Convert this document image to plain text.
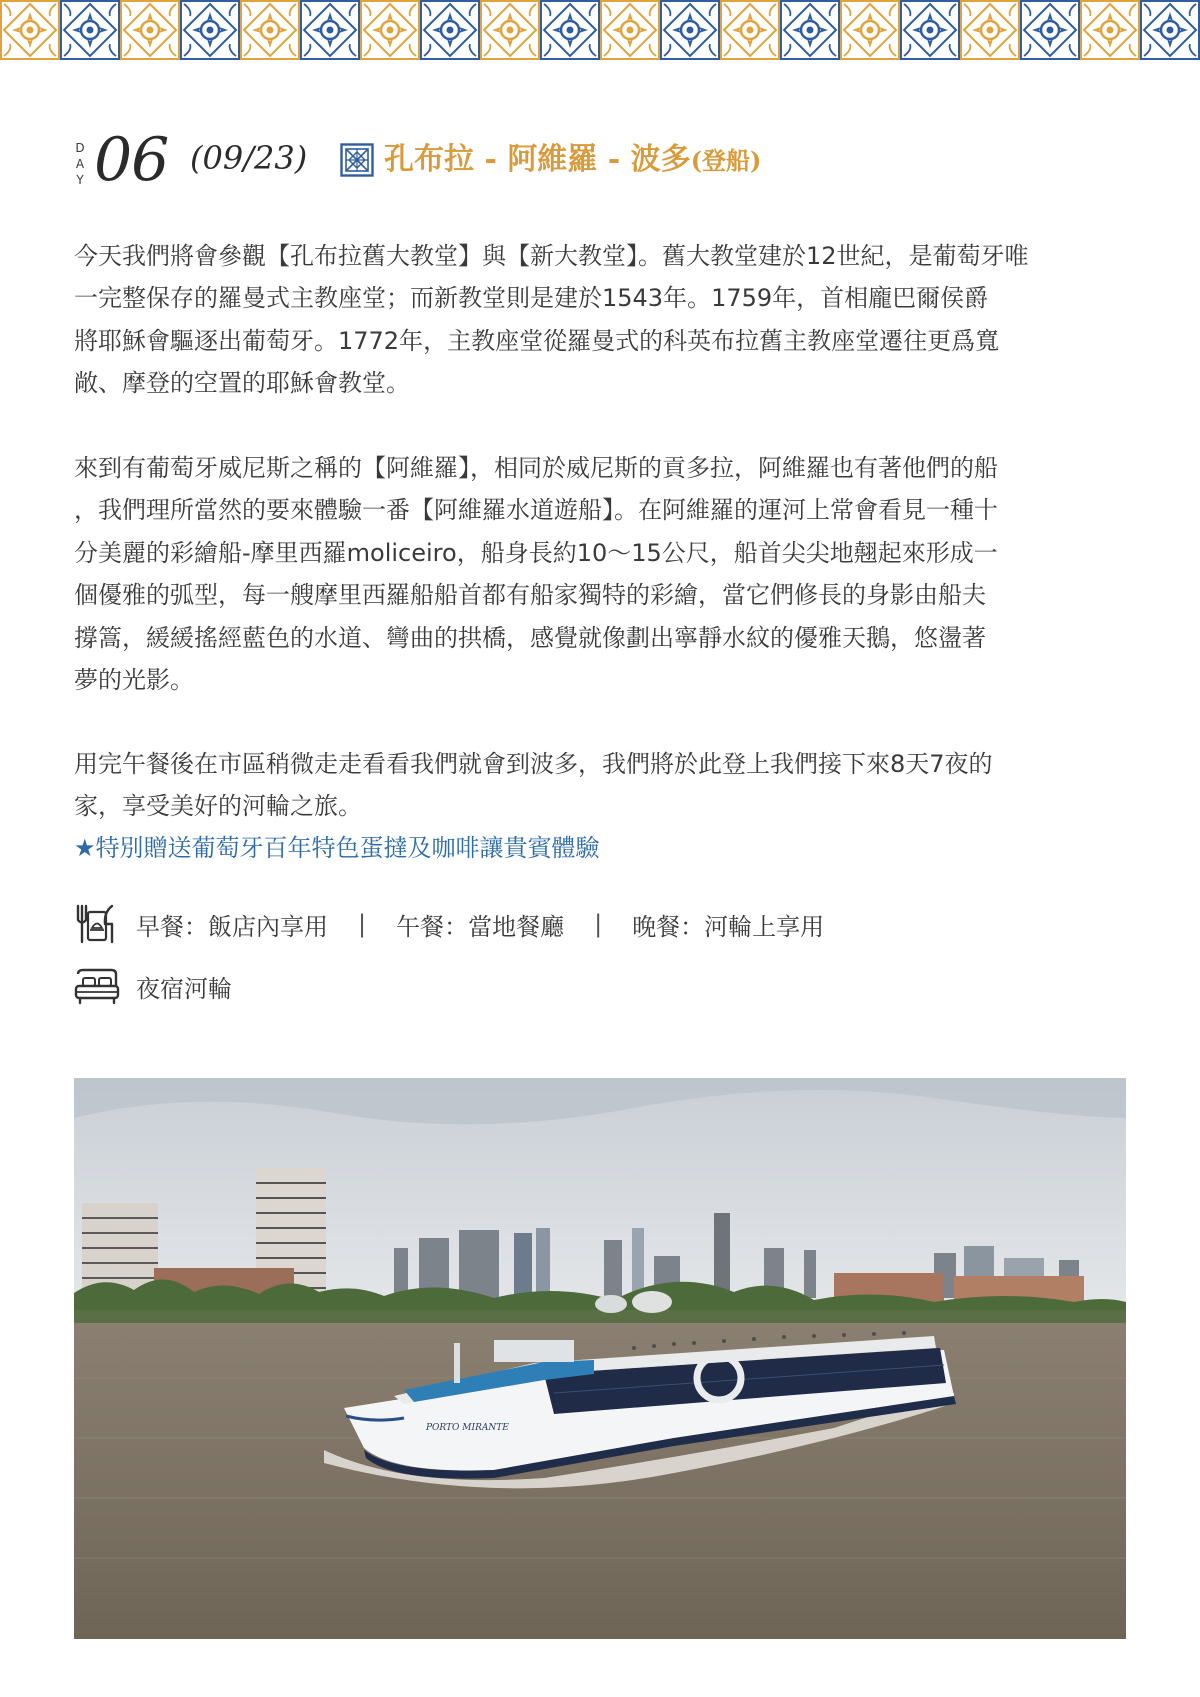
D
A
Y 06 (09/23)	孔布拉 - 阿維羅 - 波多(登船)
今天我們將會參觀【孔布拉舊大教堂】與【新大教堂】。舊大教堂建於12世紀，是葡萄牙唯
一完整保存的羅曼式主教座堂；而新教堂則是建於1543年。1759年，首相龐巴爾侯爵
將耶穌會驅逐出葡萄牙。1772年，主教座堂從羅曼式的科英布拉舊主教座堂遷往更爲寬
敞、摩登的空置的耶穌會教堂。
來到有葡萄牙威尼斯之稱的【阿維羅】，相同於威尼斯的貢多拉，阿維羅也有著他們的船
，我們理所當然的要來體驗一番【阿維羅水道遊船】。在阿維羅的運河上常會看見一種十
分美麗的彩繪船-摩里西羅moliceiro，船身長約10～15公尺，船首尖尖地翹起來形成一
個優雅的弧型，每一艘摩里西羅船船首都有船家獨特的彩繪，當它們修長的身影由船夫
撐篙，緩緩搖經藍色的水道、彎曲的拱橋，感覺就像劃出寧靜水紋的優雅天鵝，悠盪著
夢的光影。
用完午餐後在市區稍微走走看看我們就會到波多，我們將於此登上我們接下來8天7夜的
家，享受美好的河輪之旅。
★特別贈送葡萄牙百年特色蛋撻及咖啡讓貴賓體驗
早餐：飯店內享用 | 午餐：當地餐廳 | 晚餐：河輪上享用
夜宿河輪
PORTO MIRANTE
